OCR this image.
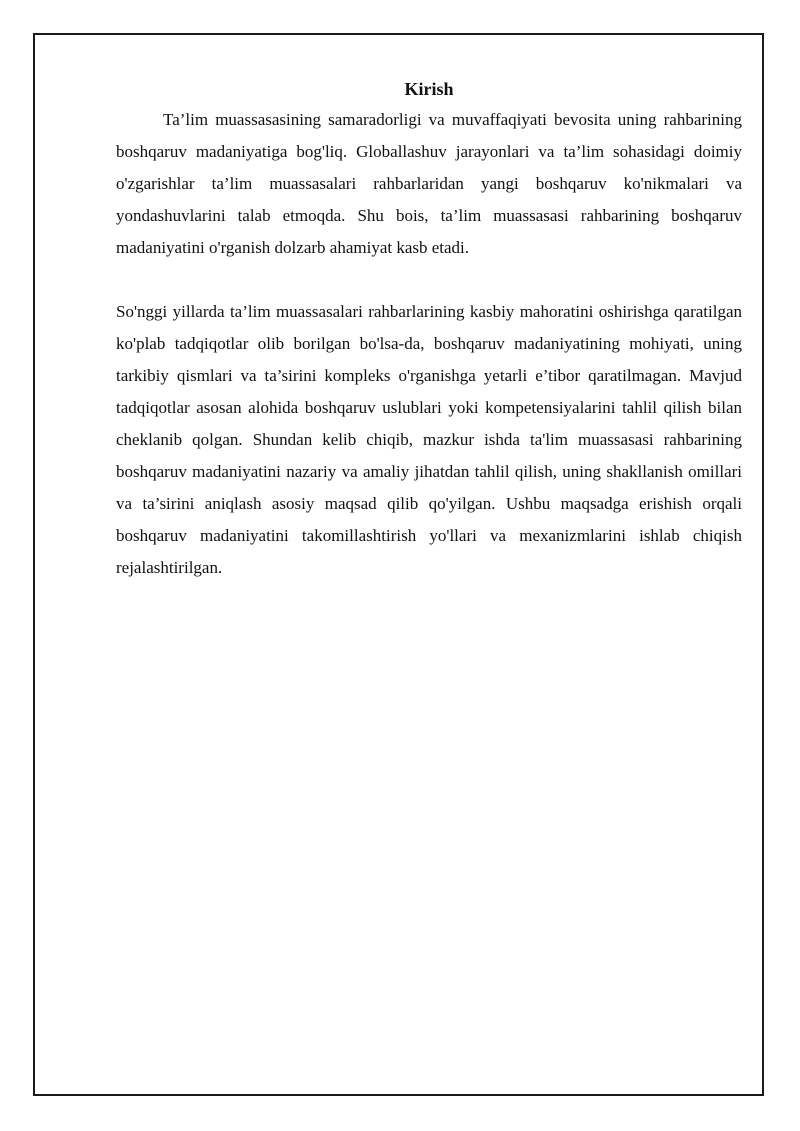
Kirish

Ta’lim muassasasining samaradorligi va muvaffaqiyati bevosita uning rahbarining boshqaruv madaniyatiga bog'liq. Globallashuv jarayonlari va ta’lim sohasidagi doimiy o'zgarishlar ta’lim muassasalari rahbarlaridan yangi boshqaruv ko'nikmalari va yondashuvlarini talab etmoqda. Shu bois, ta’lim muassasasi rahbarining boshqaruv madaniyatini o'rganish dolzarb ahamiyat kasb etadi.

So'nggi yillarda ta’lim muassasalari rahbarlarining kasbiy mahoratini oshirishga qaratilgan ko'plab tadqiqotlar olib borilgan bo'lsa-da, boshqaruv madaniyatining mohiyati, uning tarkibiy qismlari va ta’sirini kompleks o'rganishga yetarli e’tibor qaratilmagan. Mavjud tadqiqotlar asosan alohida boshqaruv uslublari yoki kompetensiyalarini tahlil qilish bilan cheklanib qolgan. Shundan kelib chiqib, mazkur ishda ta'lim muassasasi rahbarining boshqaruv madaniyatini nazariy va amaliy jihatdan tahlil qilish, uning shakllanish omillari va ta’sirini aniqlash asosiy maqsad qilib qo'yilgan. Ushbu maqsadga erishish orqali boshqaruv madaniyatini takomillashtirish yo'llari va mexanizmlarini ishlab chiqish rejalashtirilgan.
